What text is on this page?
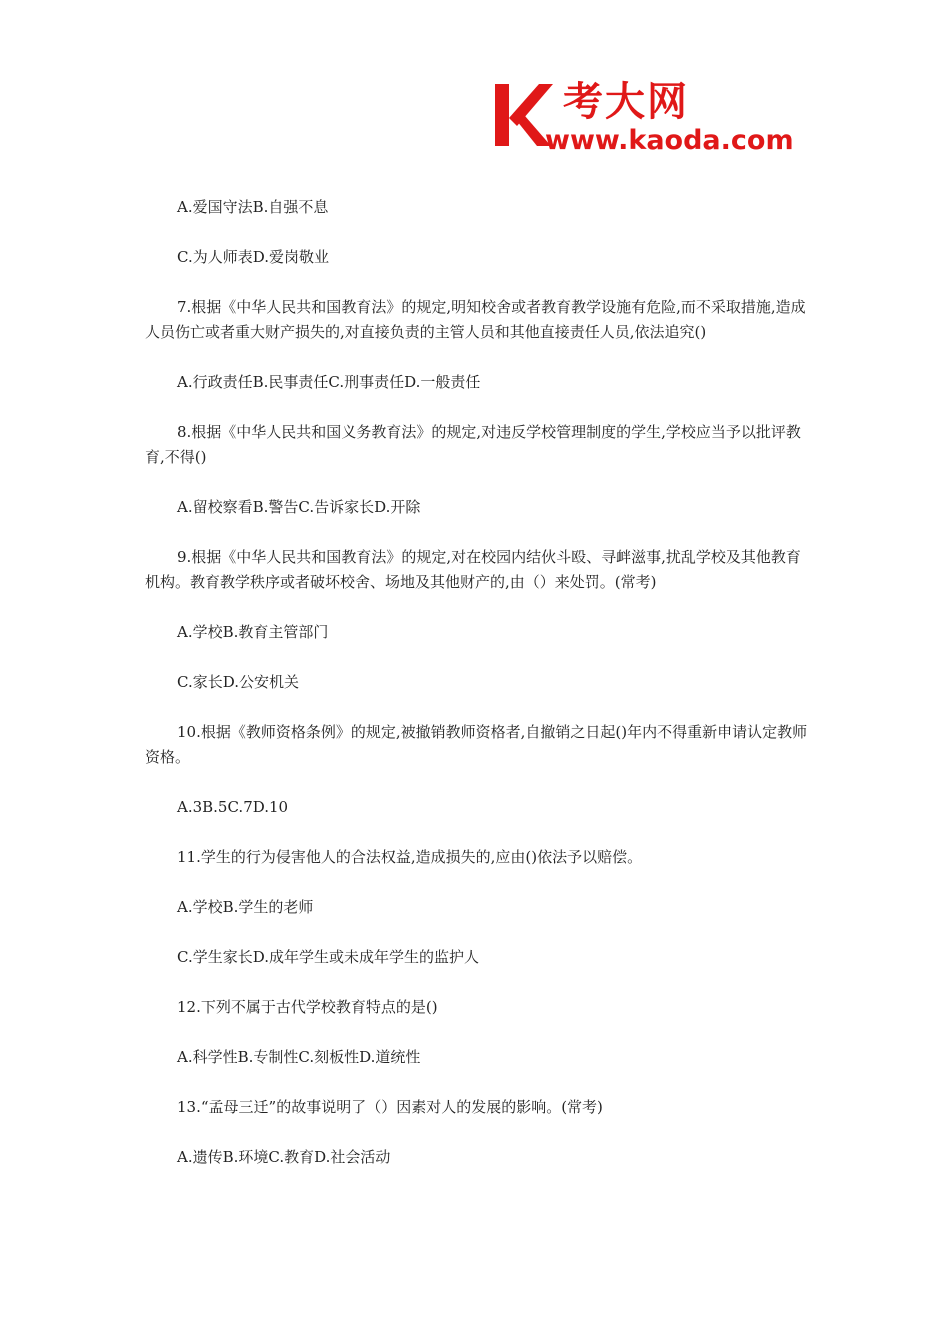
考大网
www.kaoda.com

A.爱国守法B.自强不息

C.为人师表D.爱岗敬业

7.根据《中华人民共和国教育法》的规定,明知校舍或者教育教学设施有危险,而不采取措施,造成人员伤亡或者重大财产损失的,对直接负责的主管人员和其他直接责任人员,依法追究()

A.行政责任B.民事责任C.刑事责任D.一般责任

8.根据《中华人民共和国义务教育法》的规定,对违反学校管理制度的学生,学校应当予以批评教育,不得()

A.留校察看B.警告C.告诉家长D.开除

9.根据《中华人民共和国教育法》的规定,对在校园内结伙斗殴、寻衅滋事,扰乱学校及其他教育机构。教育教学秩序或者破坏校舍、场地及其他财产的,由（）来处罚。(常考)

A.学校B.教育主管部门

C.家长D.公安机关

10.根据《教师资格条例》的规定,被撤销教师资格者,自撤销之日起()年内不得重新申请认定教师资格。

A.3B.5C.7D.10

11.学生的行为侵害他人的合法权益,造成损失的,应由()依法予以赔偿。

A.学校B.学生的老师

C.学生家长D.成年学生或未成年学生的监护人

12.下列不属于古代学校教育特点的是()

A.科学性B.专制性C.刻板性D.道统性

13.“孟母三迁”的故事说明了（）因素对人的发展的影响。(常考)

A.遗传B.环境C.教育D.社会活动
